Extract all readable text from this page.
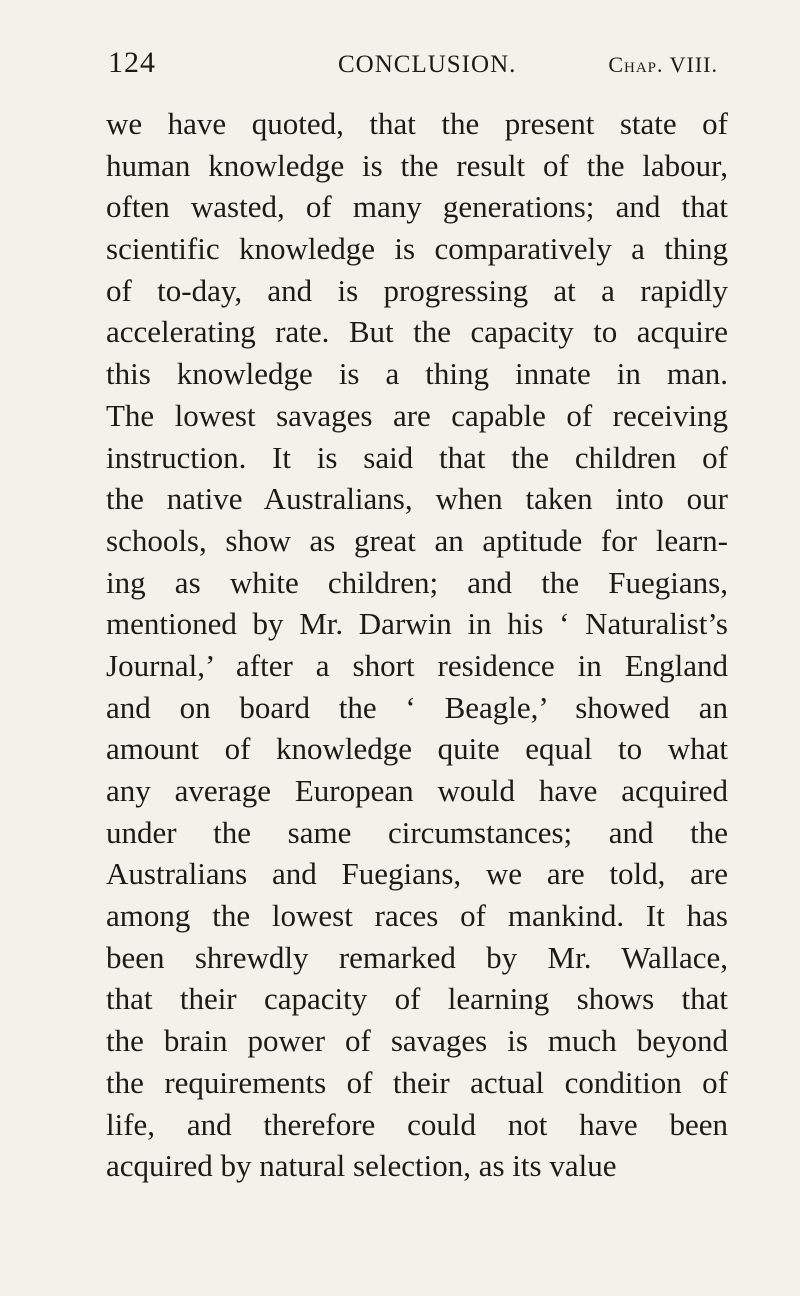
124	CONCLUSION.	Chap. VIII.
we have quoted, that the present state of
human knowledge is the result of the labour,
often wasted, of many generations; and that
scientific knowledge is comparatively a thing
of to-day, and is progressing at a rapidly
accelerating rate. But the capacity to acquire
this knowledge is a thing innate in man.
The lowest savages are capable of receiving
instruction. It is said that the children of
the native Australians, when taken into our
schools, show as great an aptitude for learn-
ing as white children; and the Fuegians,
mentioned by Mr. Darwin in his ‘ Naturalist’s
Journal,’ after a short residence in England
and on board the ‘ Beagle,’ showed an
amount of knowledge quite equal to what
any average European would have acquired
under the same circumstances; and the
Australians and Fuegians, we are told, are
among the lowest races of mankind. It has
been shrewdly remarked by Mr. Wallace,
that their capacity of learning shows that
the brain power of savages is much beyond
the requirements of their actual condition of
life, and therefore could not have been
acquired by natural selection, as its value
